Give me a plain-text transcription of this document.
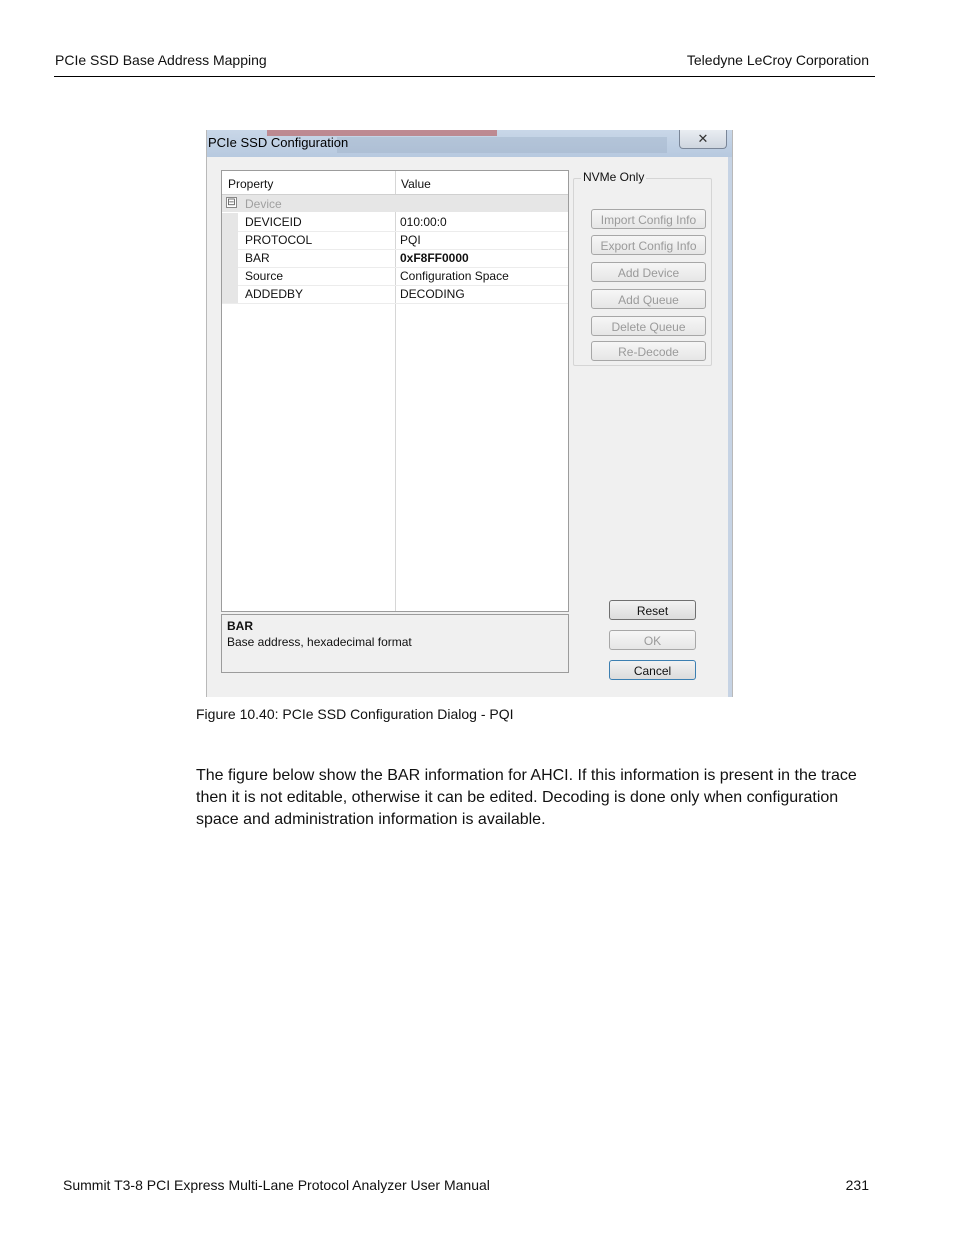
PCIe SSD Base Address Mapping	Teledyne LeCroy Corporation
PCIe SSD Configuration	✕
Property	Value
⊟ Device
DEVICEID	010:00:0
PROTOCOL	PQI
BAR	0xF8FF0000
Source	Configuration Space
ADDEDBY	DECODING
BAR
Base address, hexadecimal format
NVMe Only
Import Config Info
Export Config Info
Add Device
Add Queue
Delete Queue
Re-Decode
Reset
OK
Cancel
Figure 10.40: PCIe SSD Configuration Dialog - PQI
The figure below show the BAR information for AHCI. If this information is present in the trace then it is not editable, otherwise it can be edited. Decoding is done only when configuration space and administration information is available.
Summit T3-8 PCI Express Multi-Lane Protocol Analyzer User Manual	231
